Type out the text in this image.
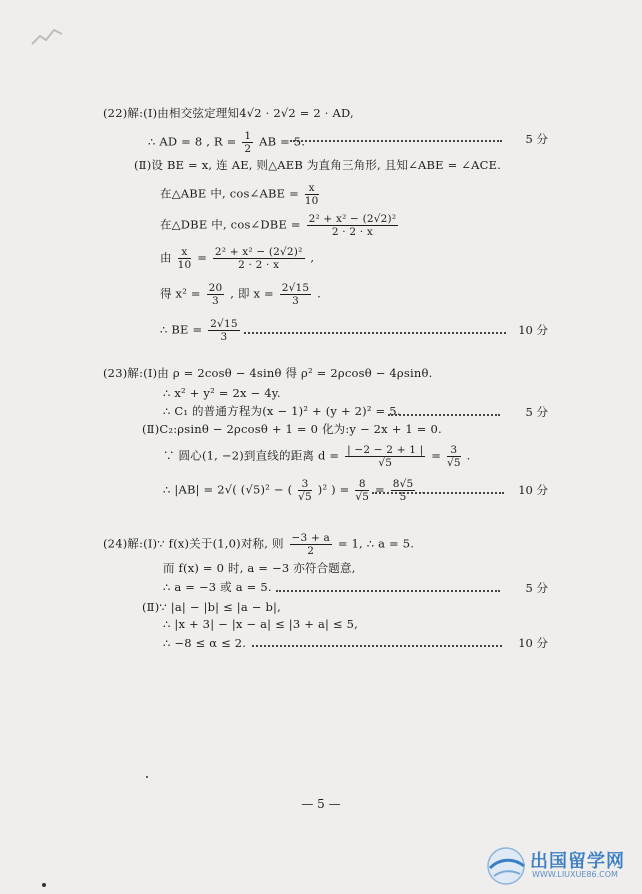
(22)解:(Ⅰ)由相交弦定理知4√2 · 2√2 = 2 · AD,
∴ AD = 8 , $R = \frac{1}{2}$ AB = 5.	5 分
(Ⅱ)设 BE = x, 连 AE, 则△AEB 为直角三角形, 且知∠ABE = ∠ACE.
在△ABE 中, cos∠ABE = $\frac{x}{10}$
在△DBE 中, cos∠DBE = $\frac{\text{2² + x² − (2√2)²}}{2 \cdot 2 \cdot x}$
由 $\frac{x}{10} = \frac{\text{2² + x² − (2√2)²}}{2 \cdot 2 \cdot x}$ ,
得 $x^2 = \frac{20}{3}$ , 即 $x = \frac{2√15}{3}$ .
∴ BE = $\frac{2√15}{3}$	10 分
(23)解:(Ⅰ)由 ρ = 2cosθ − 4sinθ 得 ρ² = 2ρcosθ − 4ρsinθ.
∴ x² + y² = 2x − 4y.
∴ C₁ 的普通方程为(x − 1)² + (y + 2)² = 5.	5 分
(Ⅱ)C₂:ρsinθ − 2ρcosθ + 1 = 0 化为:y − 2x + 1 = 0.
∵ 圆心(1, −2)到直线的距离 $d = \frac{| -2 - 2 + 1 |}{√5} = \frac{3}{√5}$ .
∴ |AB| = 2√( (√5)² − ( $\frac{3}{√5} )^2$ ) = $\frac{8}{√5} = \frac{8√5}{5}$ .	10 分
(24)解:(Ⅰ)∵ f(x)关于(1,0)对称, 则 $\frac{-3 + a}{2} = 1$, ∴ a = 5.
而 f(x) = 0 时, a = −3 亦符合题意,
∴ a = −3 或 a = 5.	5 分
(Ⅱ)∵ |a| − |b| ≤ |a − b|,
∴ |x + 3| − |x − a| ≤ |3 + a| ≤ 5,
∴ −8 ≤ α ≤ 2.	10 分
— 5 —
出国留学网
WWW.LIUXUE86.COM
